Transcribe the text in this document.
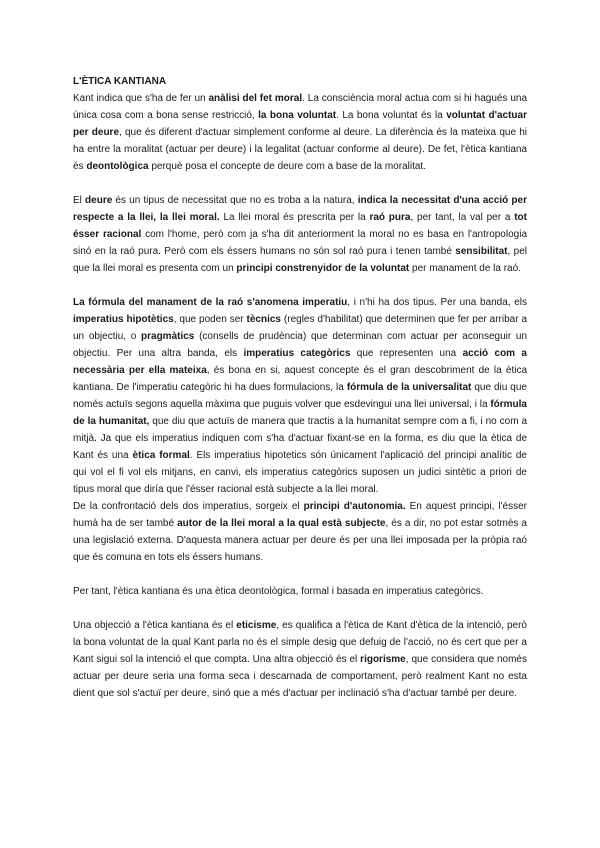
L'ÈTICA KANTIANA

Kant indica que s'ha de fer un anàlisi del fet moral. La consciència moral actua com si hi hagués una única cosa com a bona sense restricció, la bona voluntat. La bona voluntat és la voluntat d'actuar per deure, que és diferent d'actuar simplement conforme al deure. La diferència és la mateixa que hi ha entre la moralitat (actuar per deure) i la legalitat (actuar conforme al deure). De fet, l'ètica kantiana és deontològica perquè posa el concepte de deure com a base de la moralitat.

El deure és un tipus de necessitat que no es troba a la natura, indica la necessitat d'una acció per respecte a la llei, la llei moral. La llei moral és prescrita per la raó pura, per tant, la val per a tot ésser racional com l'home, però com ja s'ha dit anteriorment la moral no es basa en l'antropologia sinó en la raó pura. Però com els éssers humans no són sol raó pura i tenen també sensibilitat, pel que la llei moral es presenta com un principi constrenyidor de la voluntat per manament de la raó.

La fórmula del manament de la raó s'anomena imperatiu, i n'hi ha dos tipus. Per una banda, els imperatius hipotètics, que poden ser tècnics (regles d'habilitat) que determinen que fer per arribar a un objectiu, o pragmàtics (consells de prudència) que determinan com actuar per aconseguir un objectiu. Per una altra banda, els imperatius categòrics que representen una acció com a necessària per ella mateixa, és bona en si, aquest concepte és el gran descobriment de la ètica kantiana. De l'imperatiu categòric hi ha dues formulacions, la fórmula de la universalitat que diu que només actuïs segons aquella màxima que puguis volver que esdevingui una llei universal, i la fórmula de la humanitat, que diu que actuïs de manera que tractis a la humanitat sempre com a fi, i no com a mitjà. Ja que els imperatius indiquen com s'ha d'actuar fixant-se en la forma, es diu que la ètica de Kant és una ètica formal. Els imperatius hipotetics són únicament l'aplicació del principi analític de qui vol el fi vol els mitjans, en canvi, els imperatius categòrics suposen un judici sintètic a priori de tipus moral que diría que l'ésser racional està subjecte a la llei moral.

De la confrontació dels dos imperatius, sorgeix el principi d'autonomia. En aquest principi, l'ésser humà ha de ser també autor de la llei moral a la qual està subjecte, és a dir, no pot estar sotmès a una legislació externa. D'aquesta manera actuar per deure és per una llei imposada per la pròpia raó que és comuna en tots els éssers humans.

Per tant, l'ètica kantiana és una ètica deontològica, formal i basada en imperatius categòrics.

Una objecció a l'ètica kantiana és el eticisme, es qualifica a l'ètica de Kant d'ètica de la intenció, però la bona voluntat de la qual Kant parla no és el simple desig que defuig de l'acció, no és cert que per a Kant sigui sol la intenció el que compta. Una altra objecció és el rigorisme, que considera que només actuar per deure seria una forma seca i descarnada de comportament, però realment Kant no esta dient que sol s'actuï per deure, sinó que a més d'actuar per inclinació s'ha d'actuar també per deure.
